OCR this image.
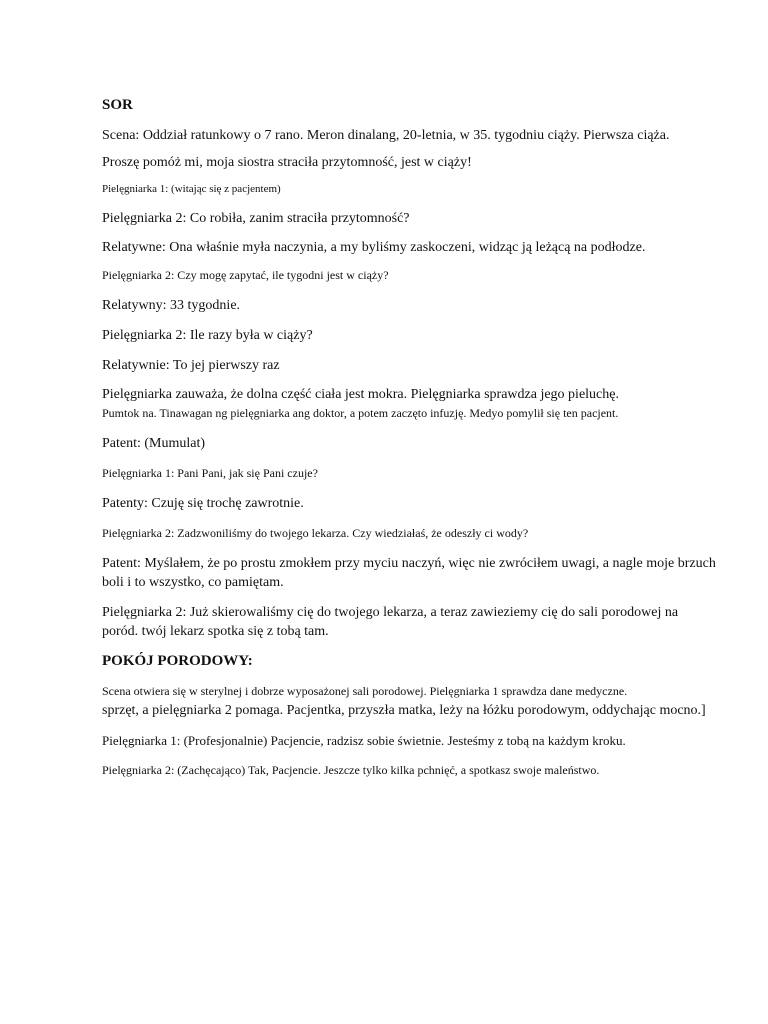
SOR

Scena: Oddział ratunkowy o 7 rano. Meron dinalang, 20-letnia, w 35. tygodniu ciąży. Pierwsza ciąża.

Proszę pomóż mi, moja siostra straciła przytomność, jest w ciąży!

Pielęgniarka 1: (witając się z pacjentem)

Pielęgniarka 2: Co robiła, zanim straciła przytomność?

Relatywne: Ona właśnie myła naczynia, a my byliśmy zaskoczeni, widząc ją leżącą na podłodze.

Pielęgniarka 2: Czy mogę zapytać, ile tygodni jest w ciąży?

Relatywny: 33 tygodnie.

Pielęgniarka 2: Ile razy była w ciąży?

Relatywnie: To jej pierwszy raz

Pielęgniarka zauważa, że dolna część ciała jest mokra. Pielęgniarka sprawdza jego pieluchę.

Pumtok na. Tinawagan ng pielęgniarka ang doktor, a potem zaczęto infuzję. Medyo pomylił się ten pacjent.

Patent: (Mumulat)

Pielęgniarka 1: Pani Pani, jak się Pani czuje?

Patenty: Czuję się trochę zawrotnie.

Pielęgniarka 2: Zadzwoniliśmy do twojego lekarza. Czy wiedziałaś, że odeszły ci wody?

Patent: Myślałem, że po prostu zmokłem przy myciu naczyń, więc nie zwróciłem uwagi, a nagle moje brzuch boli i to wszystko, co pamiętam.

Pielęgniarka 2: Już skierowaliśmy cię do twojego lekarza, a teraz zawieziemy cię do sali porodowej na poród. twój lekarz spotka się z tobą tam.

POKÓJ PORODOWY:

Scena otwiera się w sterylnej i dobrze wyposażonej sali porodowej. Pielęgniarka 1 sprawdza dane medyczne.

sprzęt, a pielęgniarka 2 pomaga. Pacjentka, przyszła matka, leży na łóżku porodowym, oddychając mocno.]

Pielęgniarka 1: (Profesjonalnie) Pacjencie, radzisz sobie świetnie. Jesteśmy z tobą na każdym kroku.

Pielęgniarka 2: (Zachęcająco) Tak, Pacjencie. Jeszcze tylko kilka pchnięć, a spotkasz swoje maleństwo.
